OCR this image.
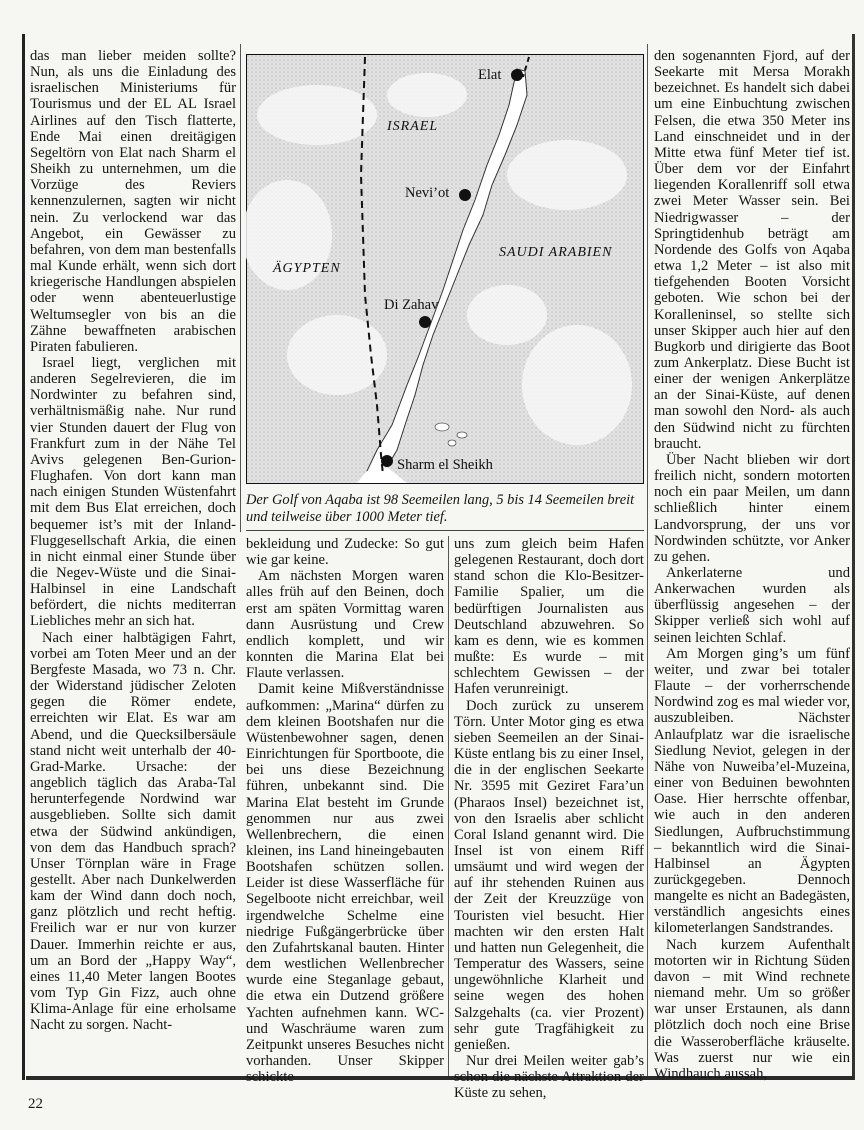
das man lieber meiden sollte? Nun, als uns die Einladung des israelischen Ministeriums für Tourismus und der EL AL Israel Airlines auf den Tisch flatterte, Ende Mai einen dreitägigen Segeltörn von Elat nach Sharm el Sheikh zu unternehmen, um die Vorzüge des Reviers kennenzulernen, sagten wir nicht nein. Zu verlockend war das Angebot, ein Gewässer zu befahren, von dem man bestenfalls mal Kunde erhält, wenn sich dort kriegerische Handlungen abspielen oder wenn abenteuerlustige Weltumsegler von bis an die Zähne bewaffneten arabischen Piraten fabulieren.

Israel liegt, verglichen mit anderen Segelrevieren, die im Nordwinter zu befahren sind, verhältnismäßig nahe. Nur rund vier Stunden dauert der Flug von Frankfurt zum in der Nähe Tel Avivs gelegenen Ben-Gurion-Flughafen. Von dort kann man nach einigen Stunden Wüstenfahrt mit dem Bus Elat erreichen, doch bequemer ist’s mit der Inland-Fluggesellschaft Arkia, die einen in nicht einmal einer Stunde über die Negev-Wüste und die Sinai-Halbinsel in eine Landschaft befördert, die nichts mediterran Liebliches mehr an sich hat.

Nach einer halbtägigen Fahrt, vorbei am Toten Meer und an der Bergfeste Masada, wo 73 n. Chr. der Widerstand jüdischer Zeloten gegen die Römer endete, erreichten wir Elat. Es war am Abend, und die Quecksilbersäule stand nicht weit unterhalb der 40-Grad-Marke. Ursache: der angeblich täglich das Araba-Tal herunterfegende Nordwind war ausgeblieben. Sollte sich damit etwa der Südwind ankündigen, von dem das Handbuch sprach? Unser Törnplan wäre in Frage gestellt. Aber nach Dunkelwerden kam der Wind dann doch noch, ganz plötzlich und recht heftig. Freilich war er nur von kurzer Dauer. Immerhin reichte er aus, um an Bord der „Happy Way“, eines 11,40 Meter langen Bootes vom Typ Gin Fizz, auch ohne Klima-Anlage für eine erholsame Nacht zu sorgen. Nacht-

Elat
ISRAEL
Nevi’ot
SAUDI ARABIEN
ÄGYPTEN
Di Zahav
Sharm el Sheikh
Der Golf von Aqaba ist 98 Seemeilen lang, 5 bis 14 Seemeilen breit und teilweise über 1000 Meter tief.

bekleidung und Zudecke: So gut wie gar keine.

Am nächsten Morgen waren alles früh auf den Beinen, doch erst am späten Vormittag waren dann Ausrüstung und Crew endlich komplett, und wir konnten die Marina Elat bei Flaute verlassen.

Damit keine Mißverständnisse aufkommen: „Marina“ dürfen zu dem kleinen Bootshafen nur die Wüstenbewohner sagen, denen Einrichtungen für Sportboote, die bei uns diese Bezeichnung führen, unbekannt sind. Die Marina Elat besteht im Grunde genommen nur aus zwei Wellenbrechern, die einen kleinen, ins Land hineingebauten Bootshafen schützen sollen. Leider ist diese Wasserfläche für Segelboote nicht erreichbar, weil irgendwelche Schelme eine niedrige Fußgängerbrücke über den Zufahrtskanal bauten. Hinter dem westlichen Wellenbrecher wurde eine Steganlage gebaut, die etwa ein Dutzend größere Yachten aufnehmen kann. WC- und Waschräume waren zum Zeitpunkt unseres Besuches nicht vorhanden. Unser Skipper schickte

uns zum gleich beim Hafen gelegenen Restaurant, doch dort stand schon die Klo-Besitzer-Familie Spalier, um die bedürftigen Journalisten aus Deutschland abzuwehren. So kam es denn, wie es kommen mußte: Es wurde – mit schlechtem Gewissen – der Hafen verunreinigt.

Doch zurück zu unserem Törn. Unter Motor ging es etwa sieben Seemeilen an der Sinai-Küste entlang bis zu einer Insel, die in der englischen Seekarte Nr. 3595 mit Geziret Fara’un (Pharaos Insel) bezeichnet ist, von den Israelis aber schlicht Coral Island genannt wird. Die Insel ist von einem Riff umsäumt und wird wegen der auf ihr stehenden Ruinen aus der Zeit der Kreuzzüge von Touristen viel besucht. Hier machten wir den ersten Halt und hatten nun Gelegenheit, die Temperatur des Wassers, seine ungewöhnliche Klarheit und seine wegen des hohen Salzgehalts (ca. vier Prozent) sehr gute Tragfähigkeit zu genießen.

Nur drei Meilen weiter gab’s schon die nächste Attraktion der Küste zu sehen,

den sogenannten Fjord, auf der Seekarte mit Mersa Morakh bezeichnet. Es handelt sich dabei um eine Einbuchtung zwischen Felsen, die etwa 350 Meter ins Land einschneidet und in der Mitte etwa fünf Meter tief ist. Über dem vor der Einfahrt liegenden Korallenriff soll etwa zwei Meter Wasser sein. Bei Niedrigwasser – der Springtidenhub beträgt am Nordende des Golfs von Aqaba etwa 1,2 Meter – ist also mit tiefgehenden Booten Vorsicht geboten. Wie schon bei der Koralleninsel, so stellte sich unser Skipper auch hier auf den Bugkorb und dirigierte das Boot zum Ankerplatz. Diese Bucht ist einer der wenigen Ankerplätze an der Sinai-Küste, auf denen man sowohl den Nord- als auch den Südwind nicht zu fürchten braucht.

Über Nacht blieben wir dort freilich nicht, sondern motorten noch ein paar Meilen, um dann schließlich hinter einem Landvorsprung, der uns vor Nordwinden schützte, vor Anker zu gehen.

Ankerlaterne und Ankerwachen wurden als überflüssig angesehen – der Skipper verließ sich wohl auf seinen leichten Schlaf.

Am Morgen ging’s um fünf weiter, und zwar bei totaler Flaute – der vorherrschende Nordwind zog es mal wieder vor, auszubleiben. Nächster Anlaufplatz war die israelische Siedlung Neviot, gelegen in der Nähe von Nuweiba’el-Muzeina, einer von Beduinen bewohnten Oase. Hier herrschte offenbar, wie auch in den anderen Siedlungen, Aufbruchstimmung – bekanntlich wird die Sinai-Halbinsel an Ägypten zurückgegeben. Dennoch mangelte es nicht an Badegästen, verständlich angesichts eines kilometerlangen Sandstrandes.

Nach kurzem Aufenthalt motorten wir in Richtung Süden davon – mit Wind rechnete niemand mehr. Um so größer war unser Erstaunen, als dann plötzlich doch noch eine Brise die Wasseroberfläche kräuselte. Was zuerst nur wie ein Windhauch aussah,

22
